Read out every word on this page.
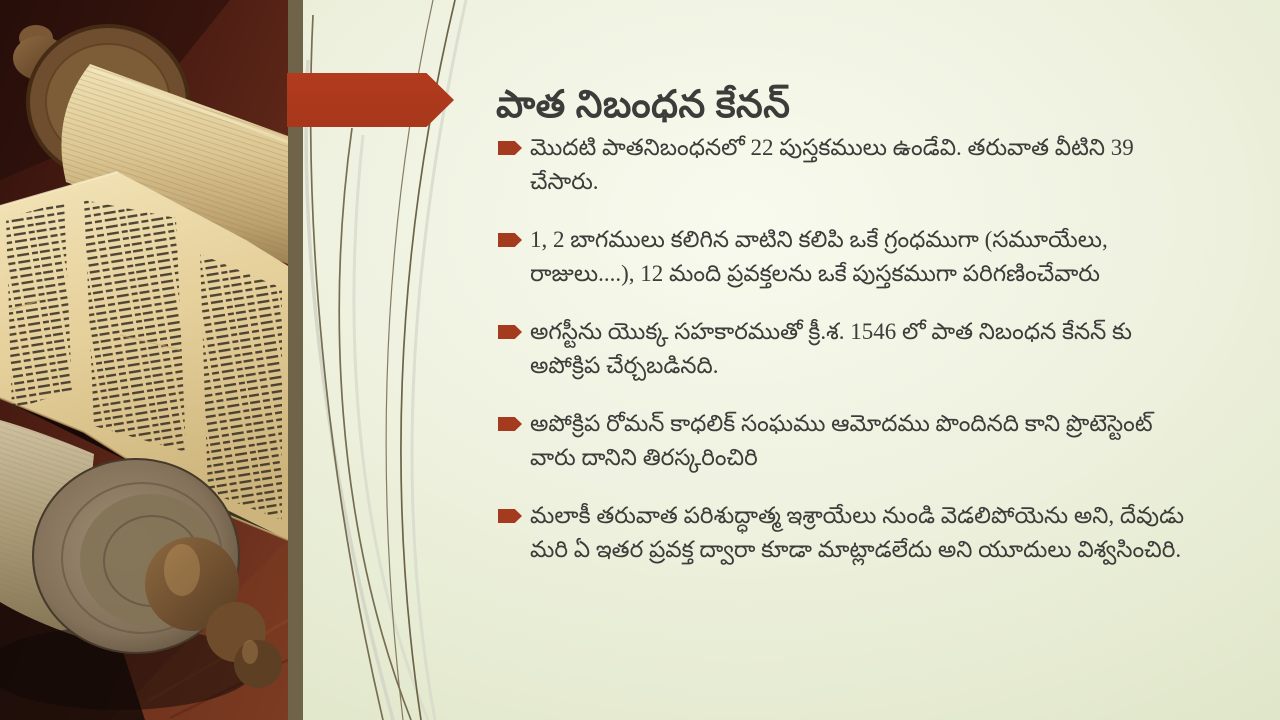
పాత నిబంధన కేనన్
మొదటి పాతనిబంధనలో 22 పుస్తకములు ఉండేవి. తరువాత వీటిని 39 చేసారు.
1, 2 బాగములు కలిగిన వాటిని కలిపి ఒకే గ్రంధముగా (సమూయేలు, రాజులు....), 12 మంది ప్రవక్తలను ఒకే పుస్తకముగా పరిగణించేవారు
అగస్టీను యొక్క సహకారముతో క్రీ.శ. 1546 లో పాత నిబంధన కేనన్ కు అపోక్రిప చేర్చబడినది.
అపోక్రిప రోమన్ కాధలిక్ సంఘము ఆమోదము పొందినది కాని ప్రొటెస్టెంట్ వారు దానిని తిరస్కరించిరి
మలాకీ తరువాత పరిశుద్ధాత్మ ఇశ్రాయేలు నుండి వెడలిపోయెను అని, దేవుడు మరి ఏ ఇతర ప్రవక్త ద్వారా కూడా మాట్లాడలేదు అని యూదులు విశ్వసించిరి.
